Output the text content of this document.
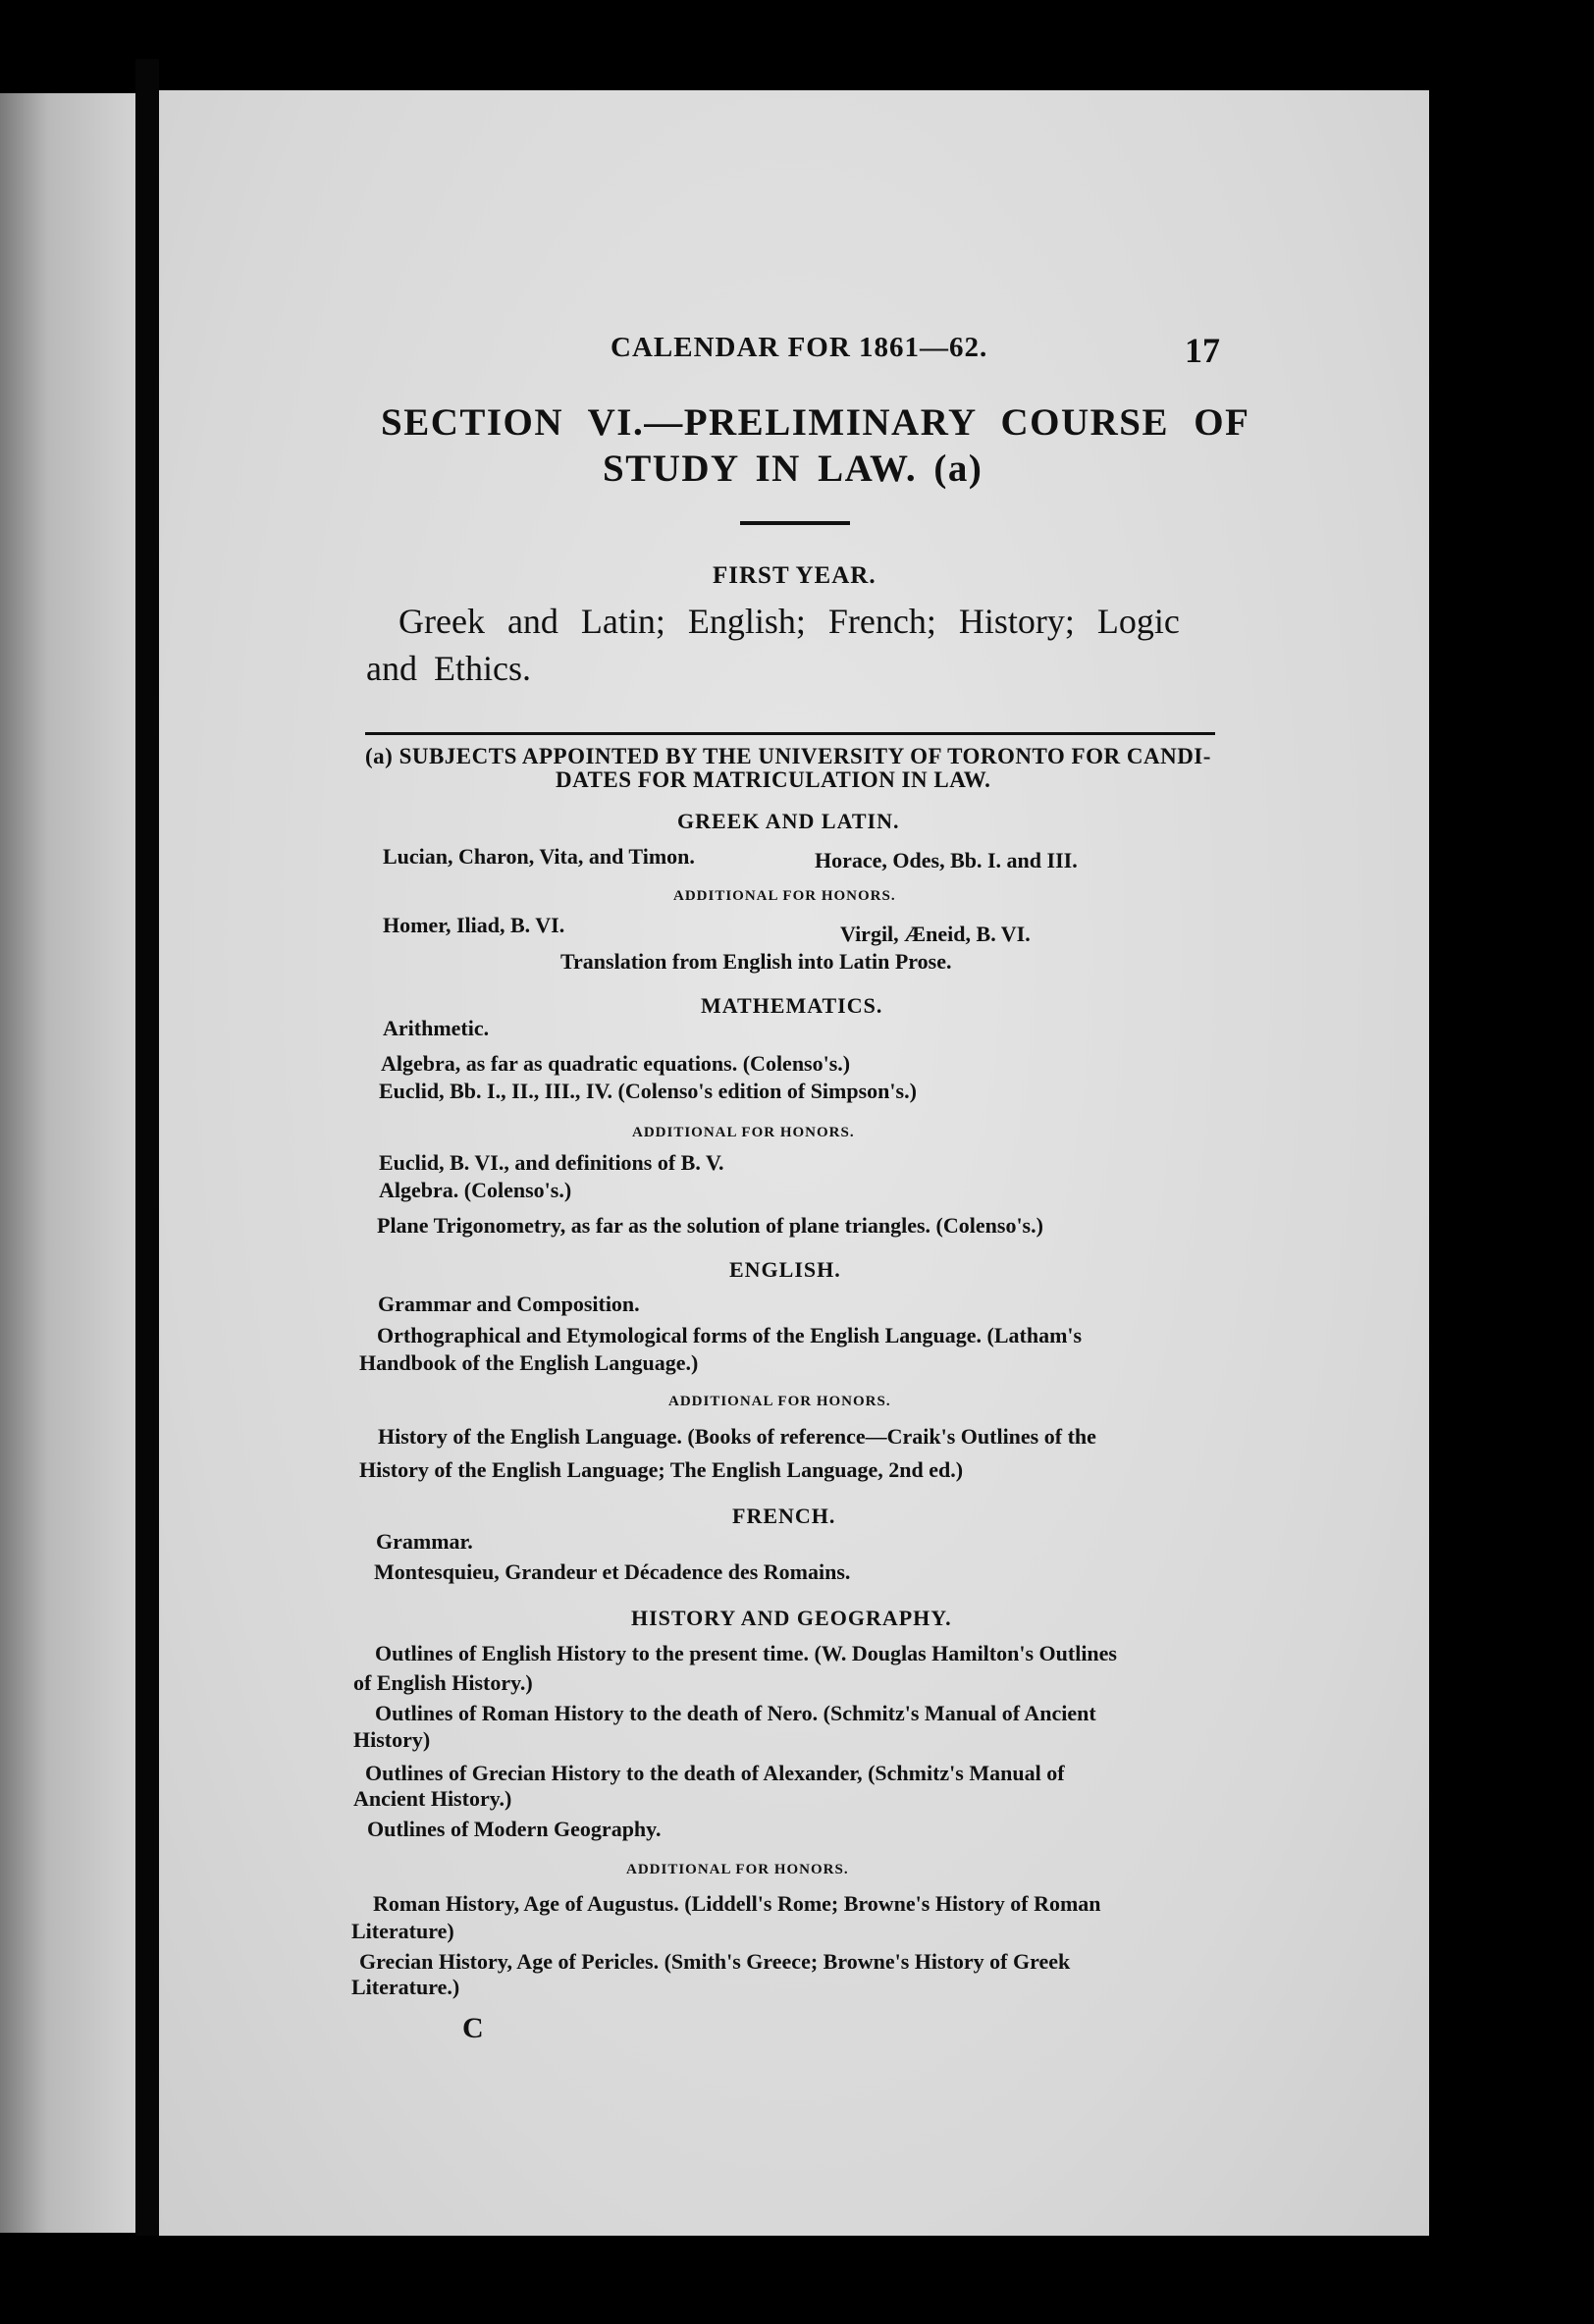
CALENDAR FOR 1861—62.	17
SECTION VI.—PRELIMINARY COURSE OF
STUDY IN LAW. (a)
FIRST YEAR.
Greek and Latin; English; French; History; Logic
and Ethics.
(a) SUBJECTS APPOINTED BY THE UNIVERSITY OF TORONTO FOR CANDI-
DATES FOR MATRICULATION IN LAW.
GREEK AND LATIN.
Lucian, Charon, Vita, and Timon.	Horace, Odes, Bb. I. and III.
ADDITIONAL FOR HONORS.
Homer, Iliad, B. VI.	Virgil, Æneid, B. VI.
Translation from English into Latin Prose.
MATHEMATICS.
Arithmetic.
Algebra, as far as quadratic equations. (Colenso's.)
Euclid, Bb. I., II., III., IV. (Colenso's edition of Simpson's.)
ADDITIONAL FOR HONORS.
Euclid, B. VI., and definitions of B. V.
Algebra. (Colenso's.)
Plane Trigonometry, as far as the solution of plane triangles. (Colenso's.)
ENGLISH.
Grammar and Composition.
Orthographical and Etymological forms of the English Language. (Latham's
Handbook of the English Language.)
ADDITIONAL FOR HONORS.
History of the English Language. (Books of reference—Craik's Outlines of the
History of the English Language; The English Language, 2nd ed.)
FRENCH.
Grammar.
Montesquieu, Grandeur et Décadence des Romains.
HISTORY AND GEOGRAPHY.
Outlines of English History to the present time. (W. Douglas Hamilton's Outlines
of English History.)
Outlines of Roman History to the death of Nero. (Schmitz's Manual of Ancient
History)
Outlines of Grecian History to the death of Alexander, (Schmitz's Manual of
Ancient History.)
Outlines of Modern Geography.
ADDITIONAL FOR HONORS.
Roman History, Age of Augustus. (Liddell's Rome; Browne's History of Roman
Literature)
Grecian History, Age of Pericles. (Smith's Greece; Browne's History of Greek
Literature.)
C
